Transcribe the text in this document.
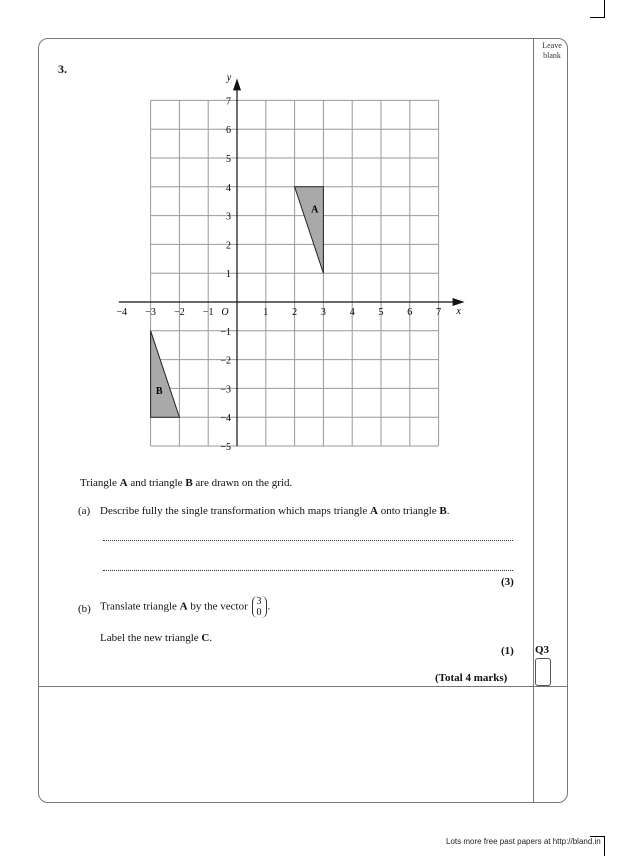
Leave
blank
3.
A
B
−4 −3 −2 −1	1 2 3 4 5 6 7
7
6
5
4
3
2
1
−1
−2
−3
−4
−5
O	x
y
Triangle A and triangle B are drawn on the grid.
(a) Describe fully the single transformation which maps triangle A onto triangle B.
(3)
(b) Translate triangle A by the vector 3
0 .
Label the new triangle C.
(1)
(Total 4 marks)
Q3
Lots more free past papers at http://bland.in
